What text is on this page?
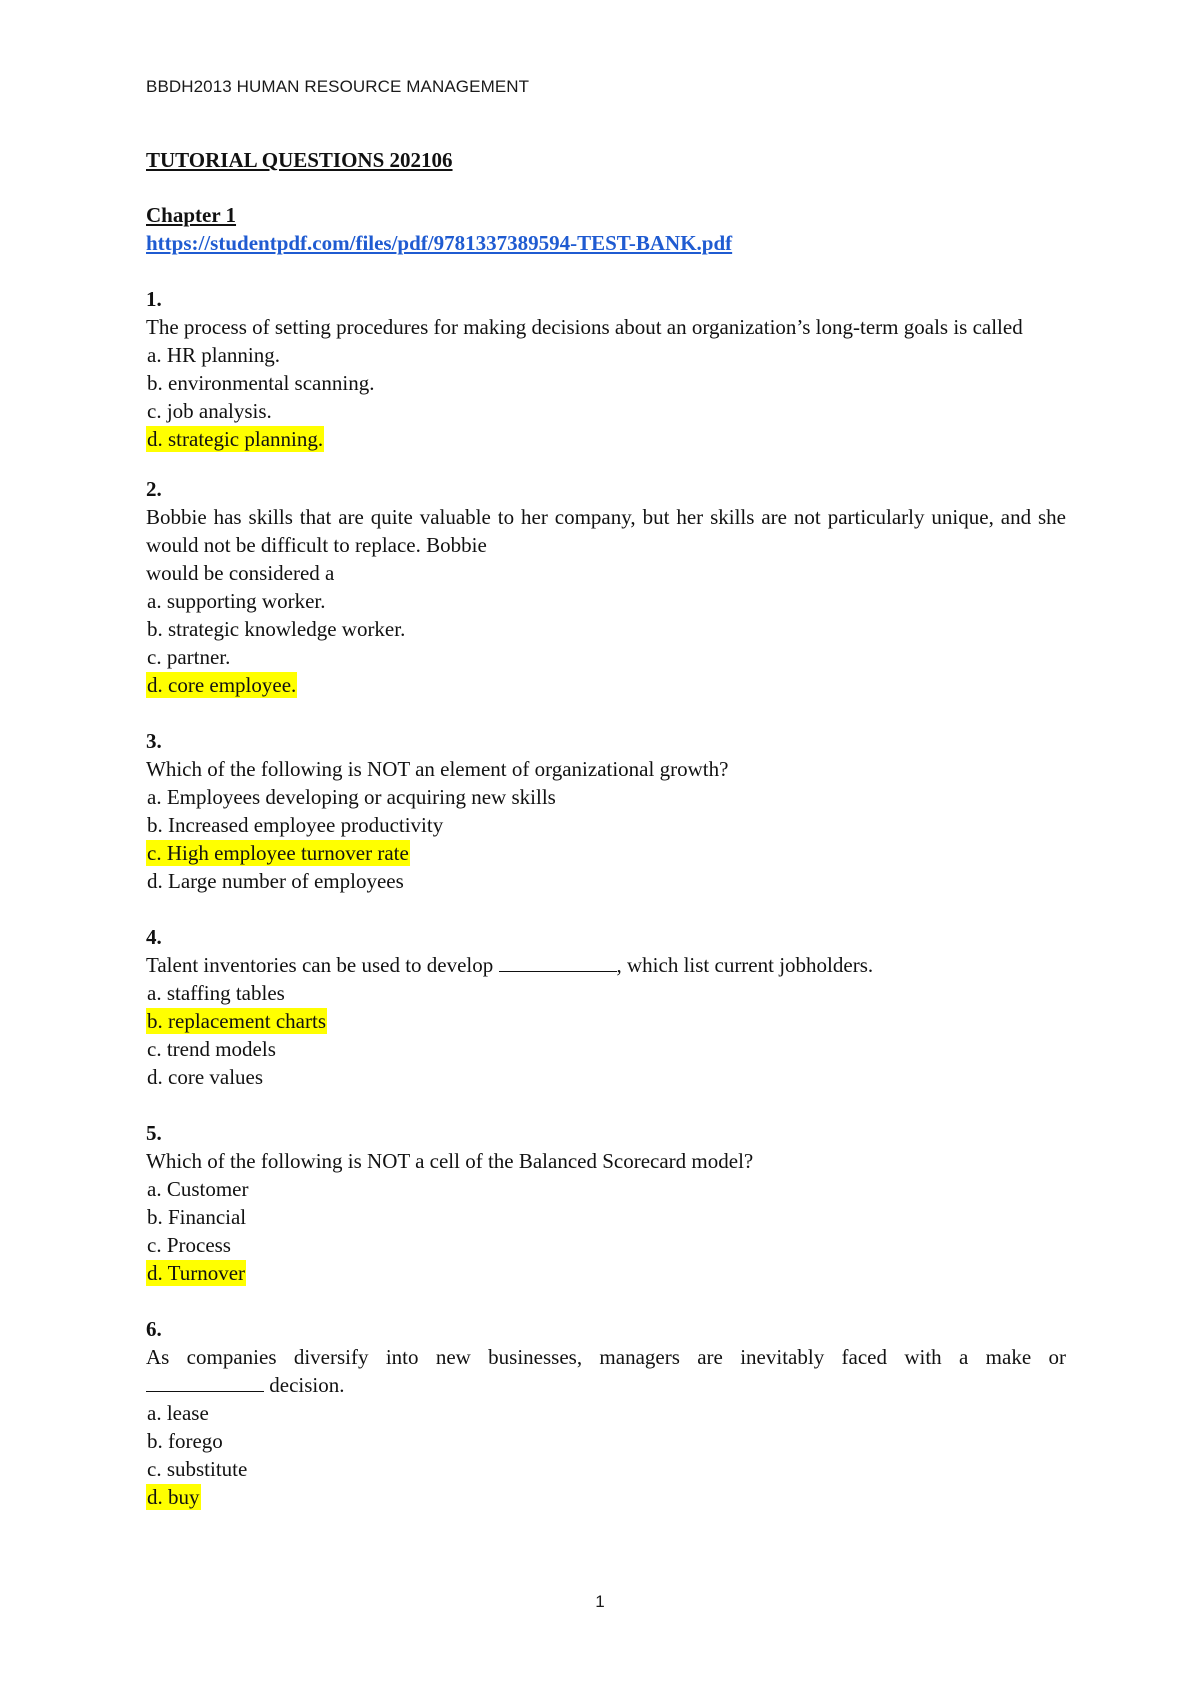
BBDH2013 HUMAN RESOURCE MANAGEMENT
TUTORIAL QUESTIONS 202106
Chapter 1
https://studentpdf.com/files/pdf/9781337389594-TEST-BANK.pdf
1.
The process of setting procedures for making decisions about an organization’s long-term goals is called
a. HR planning.
b. environmental scanning.
c. job analysis.
d. strategic planning.
2.
Bobbie has skills that are quite valuable to her company, but her skills are not particularly unique, and she would not be difficult to replace. Bobbie
would be considered a
a. supporting worker.
b. strategic knowledge worker.
c. partner.
d. core employee.
3.
Which of the following is NOT an element of organizational growth?
a. Employees developing or acquiring new skills
b. Increased employee productivity
c. High employee turnover rate
d. Large number of employees
4.
Talent inventories can be used to develop	, which list current jobholders.
a. staffing tables
b. replacement charts
c. trend models
d. core values
5.
Which of the following is NOT a cell of the Balanced Scorecard model?
a. Customer
b. Financial
c. Process
d. Turnover
6.
As companies diversify into new businesses, managers are inevitably faced with a make or
decision.
a. lease
b. forego
c. substitute
d. buy
1
